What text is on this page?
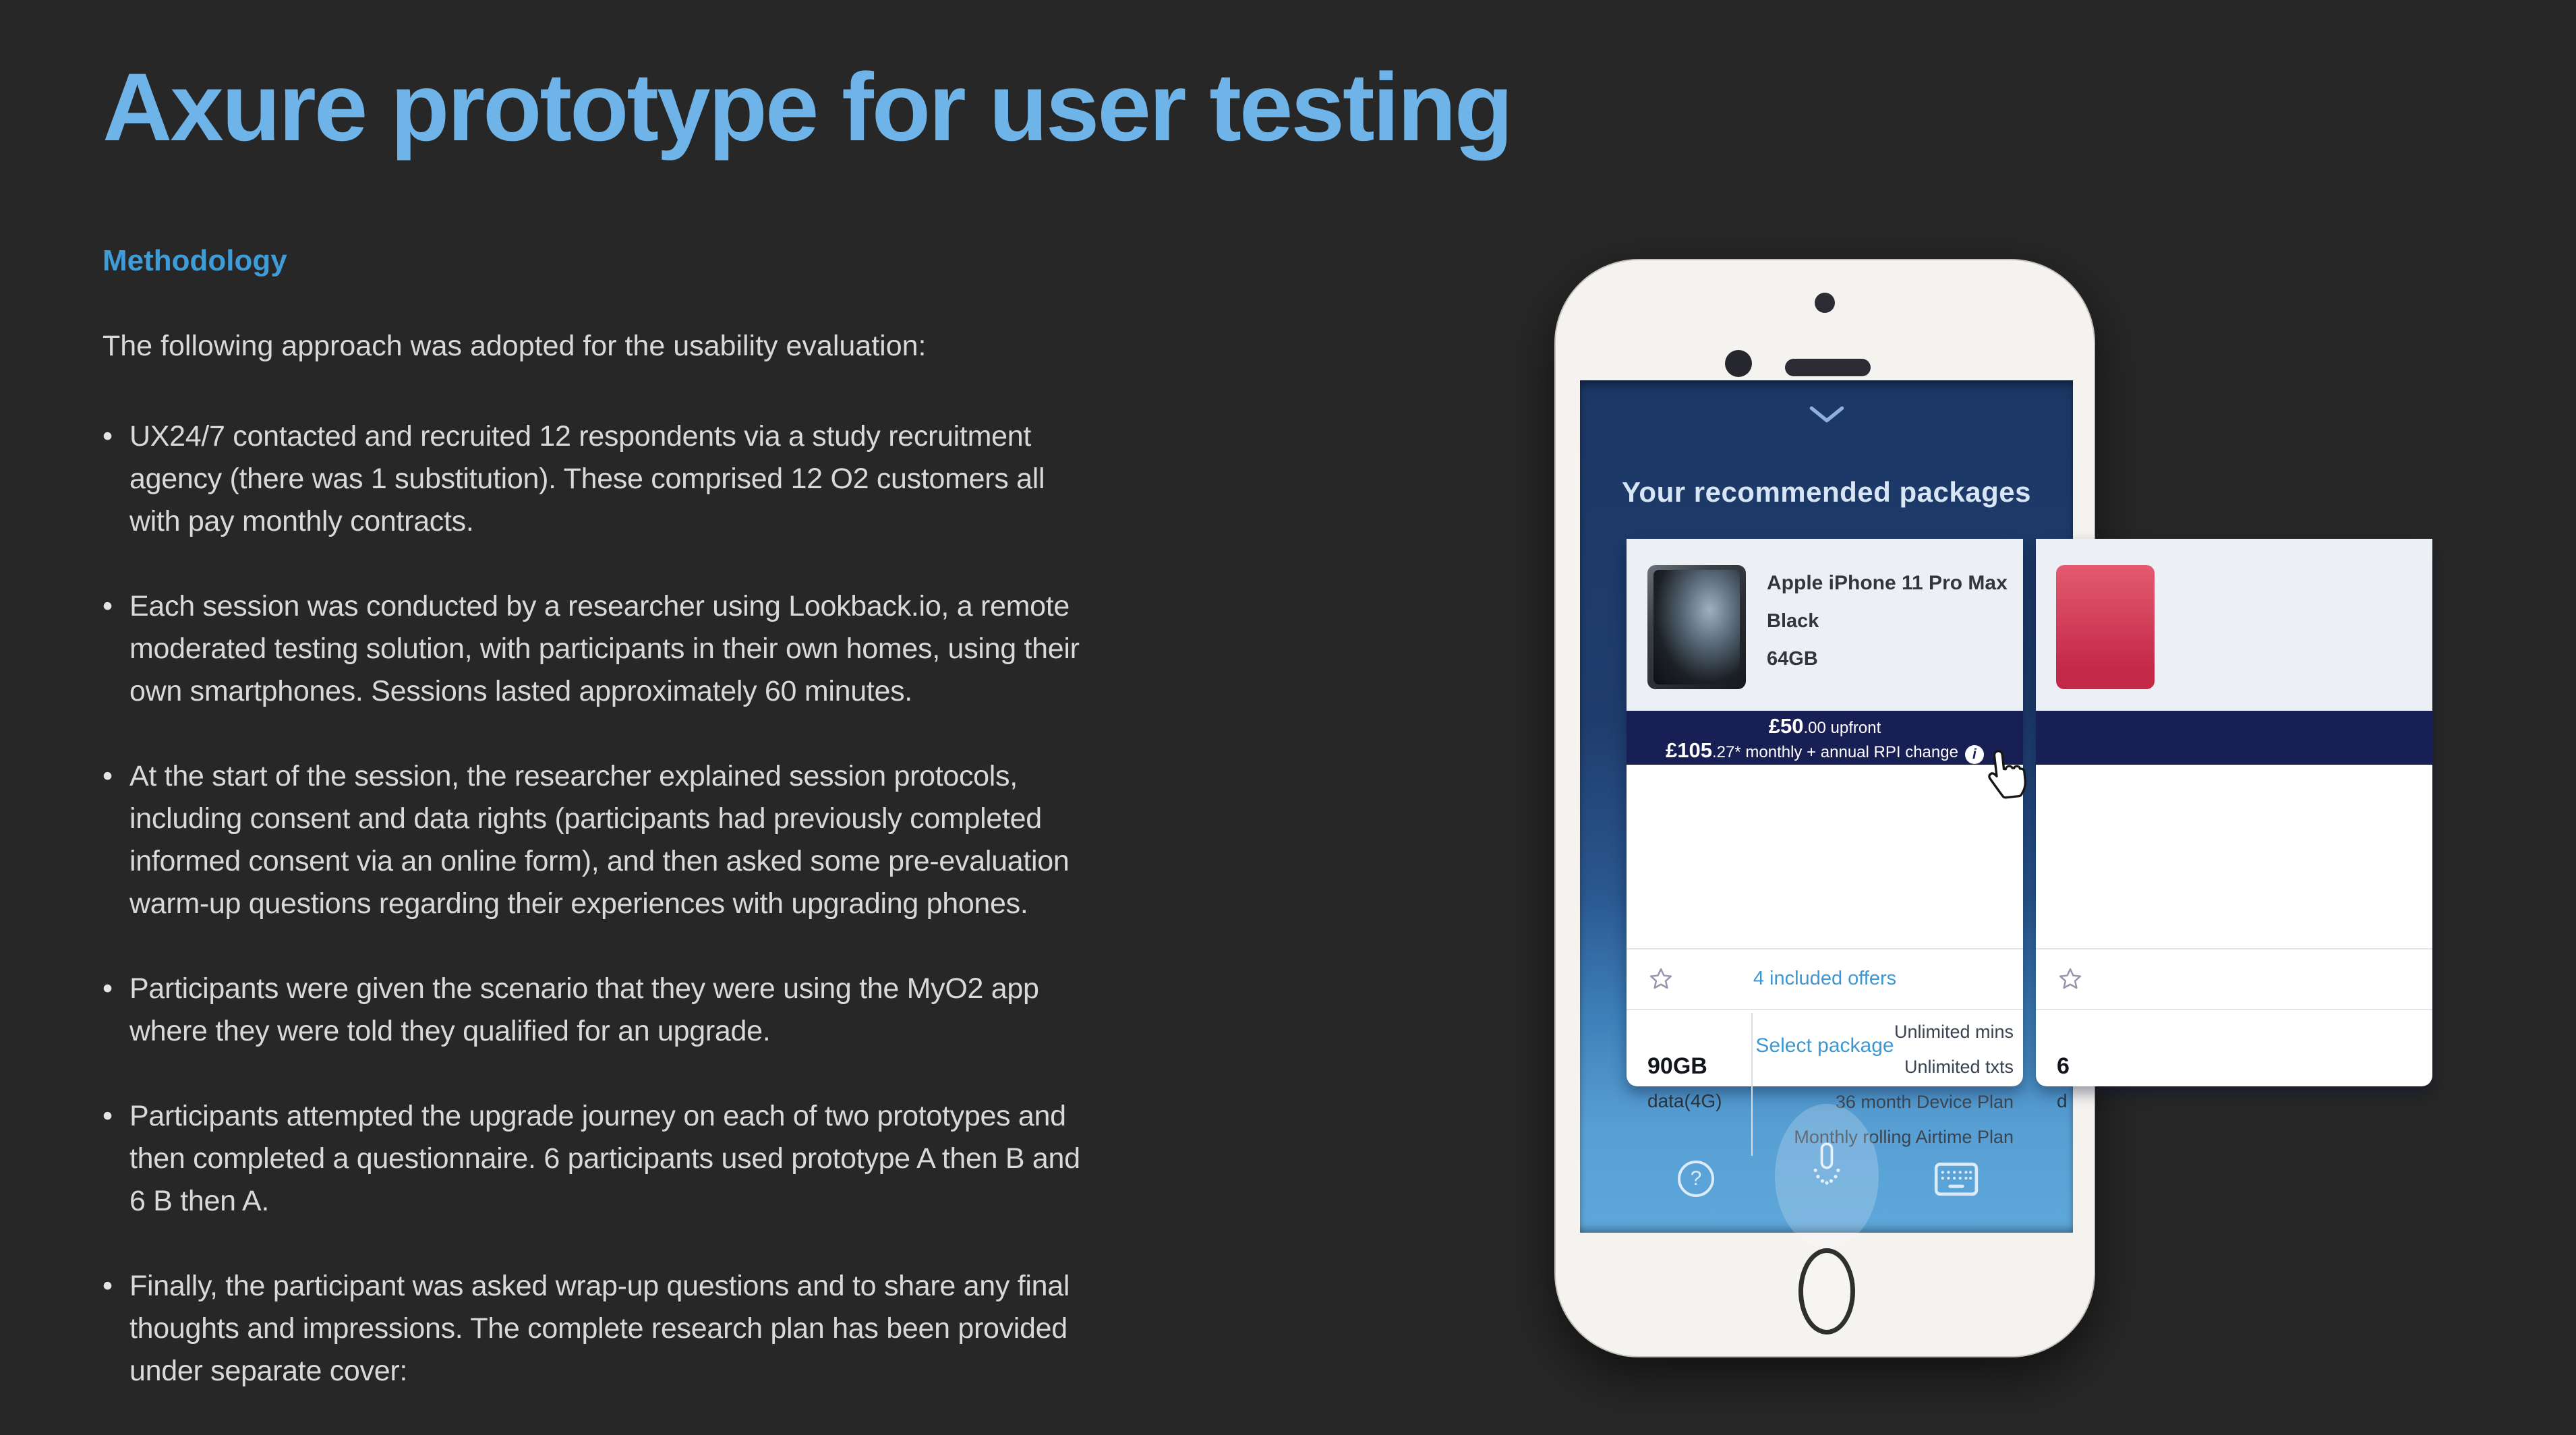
Axure prototype for user testing
Methodology
The following approach was adopted for the usability evaluation:
• UX24/7 contacted and recruited 12 respondents via a study recruitment
agency (there was 1 substitution). These comprised 12 O2 customers all
with pay monthly contracts.
• Each session was conducted by a researcher using Lookback.io, a remote
moderated testing solution, with participants in their own homes, using their
own smartphones. Sessions lasted approximately 60 minutes.
• At the start of the session, the researcher explained session protocols,
including consent and data rights (participants had previously completed
informed consent via an online form), and then asked some pre-evaluation
warm-up questions regarding their experiences with upgrading phones.
• Participants were given the scenario that they were using the MyO2 app
where they were told they qualified for an upgrade.
• Participants attempted the upgrade journey on each of two prototypes and
then completed a questionnaire. 6 participants used prototype A then B and
6 B then A.
• Finally, the participant was asked wrap-up questions and to share any final
thoughts and impressions. The complete research plan has been provided
under separate cover:
Your recommended packages
Apple iPhone 11 Pro Max
Black
64GB
£50.00 upfront
£105.27* monthly + annual RPI change i
90GB
data(4G)
Unlimited mins
Unlimited txts
36 month Device Plan
Monthly rolling Airtime Plan
4 included offers
Select package
6
d
?
